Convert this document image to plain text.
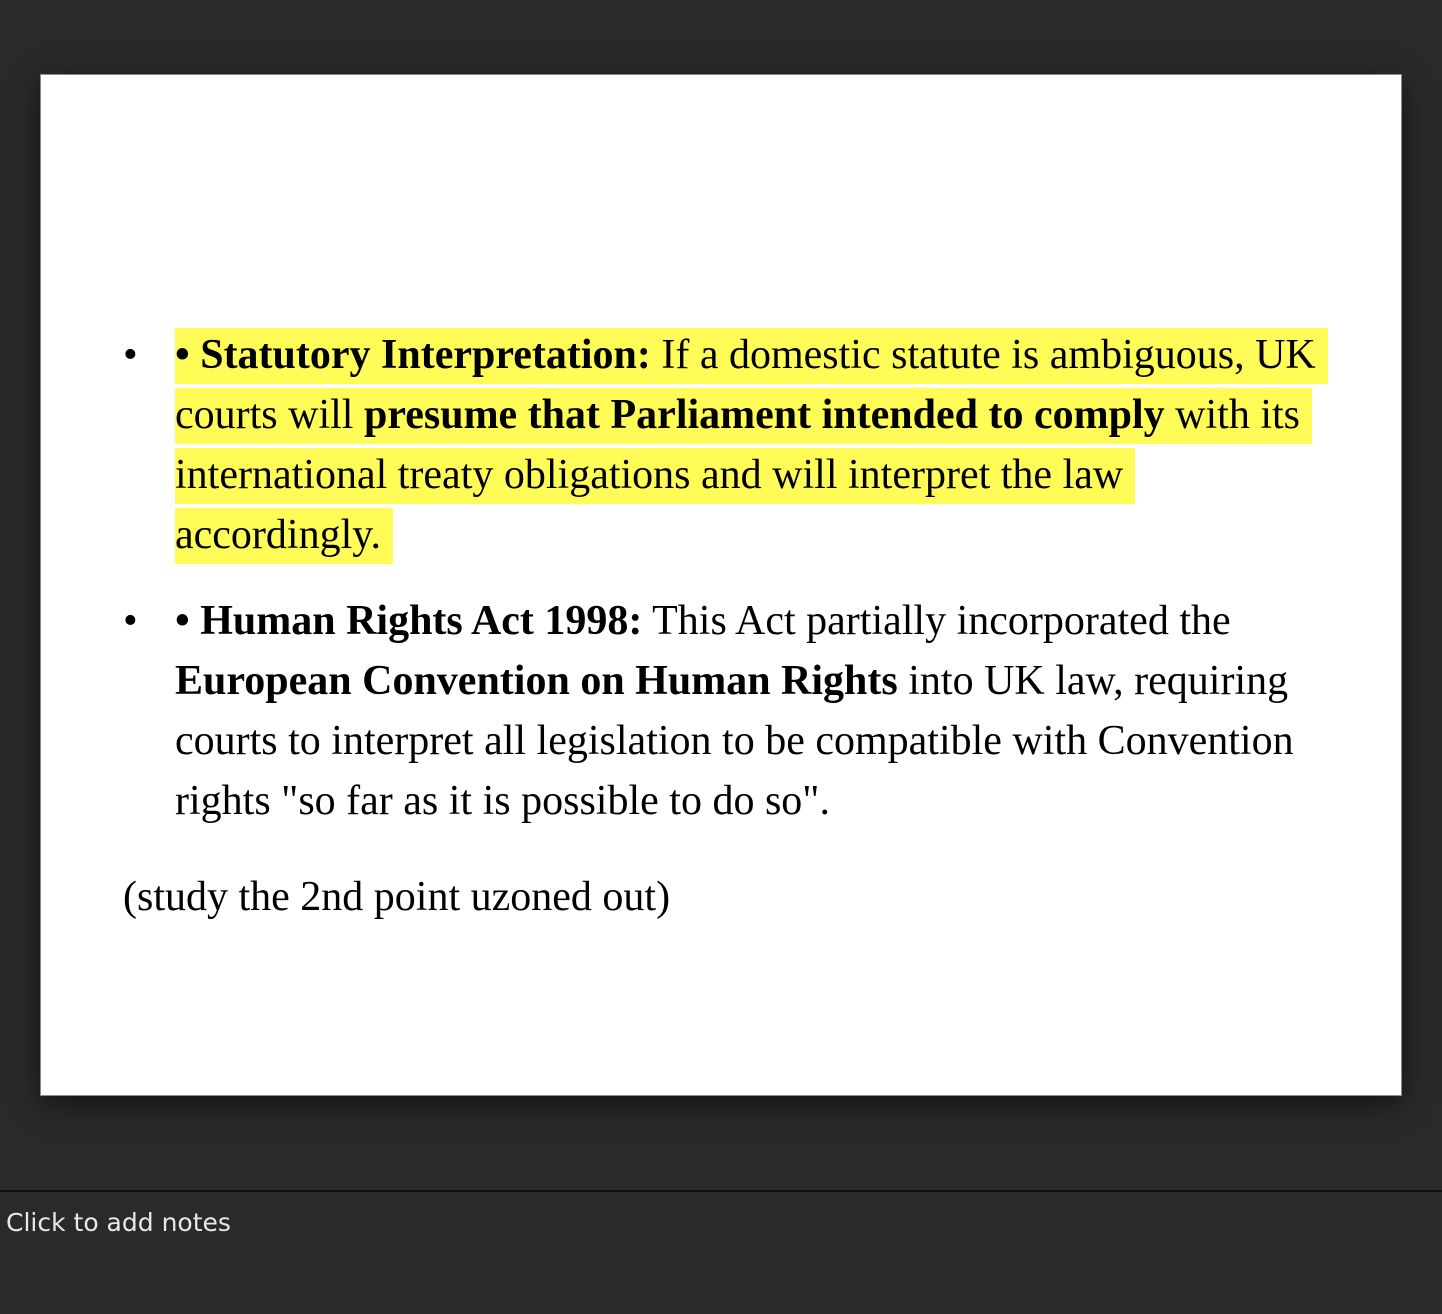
• • Statutory Interpretation: If a domestic statute is ambiguous, UK courts will presume that Parliament intended to comply with its international treaty obligations and will interpret the law accordingly.
• • Human Rights Act 1998: This Act partially incorporated the European Convention on Human Rights into UK law, requiring courts to interpret all legislation to be compatible with Convention rights "so far as it is possible to do so".
(study the 2nd point uzoned out)
Click to add notes
